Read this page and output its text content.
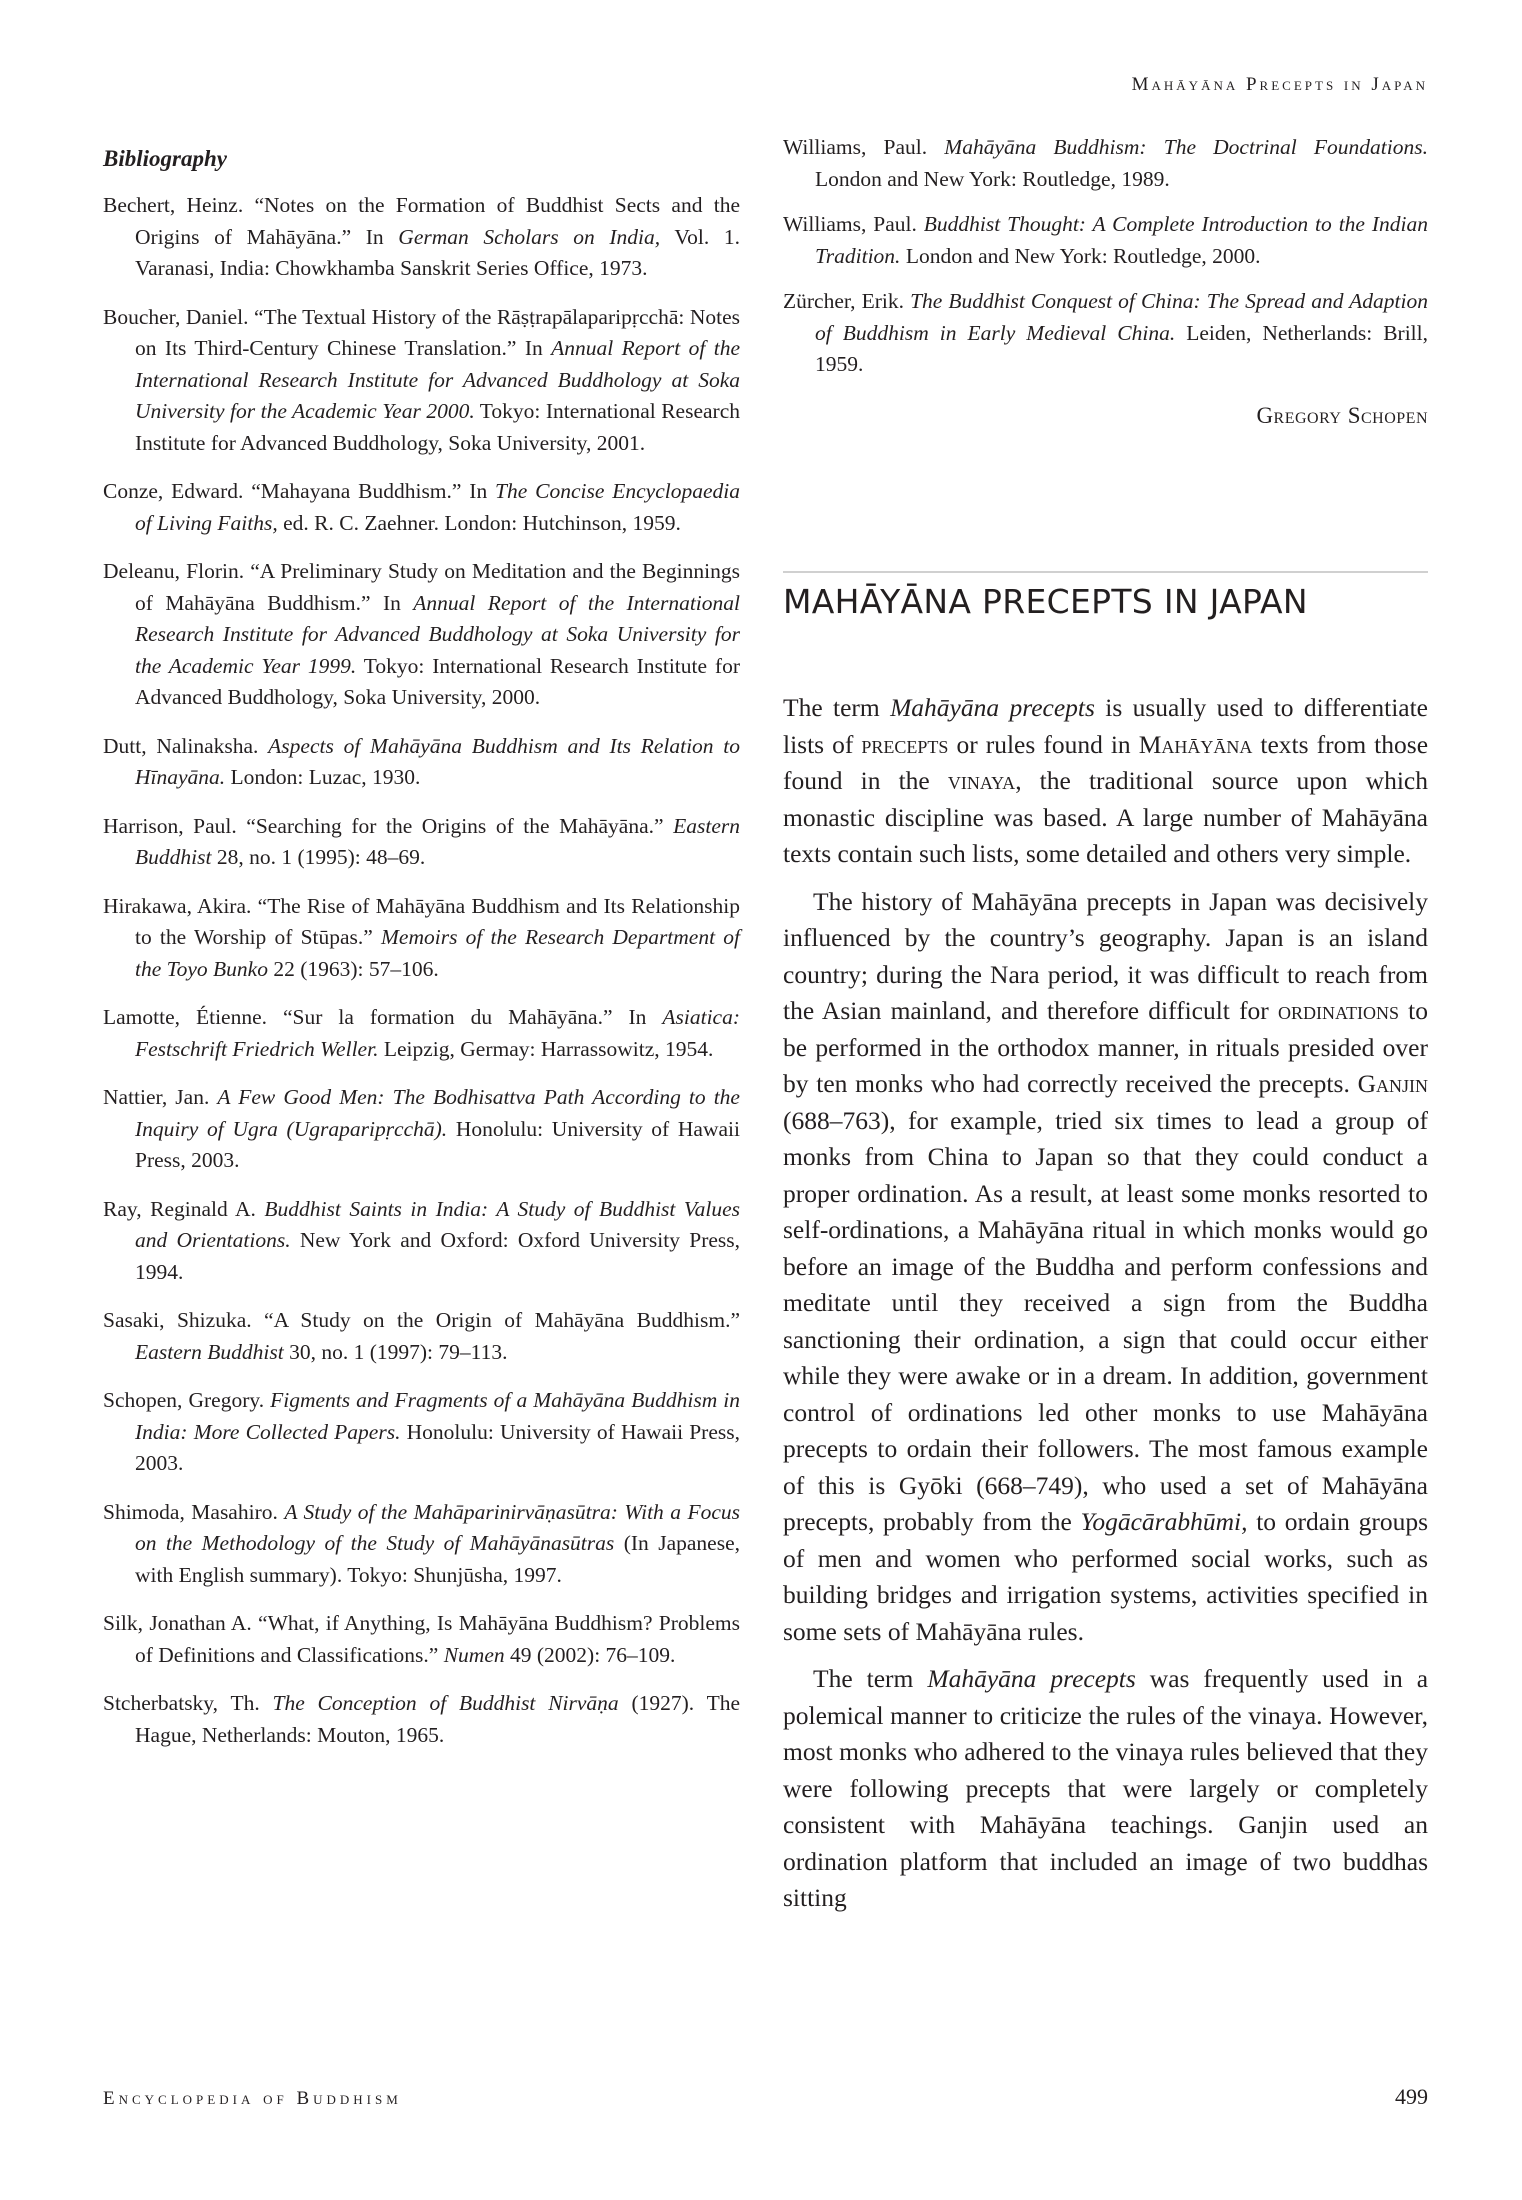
Mahāyāna Precepts in Japan
Bibliography

Bechert, Heinz. “Notes on the Formation of Buddhist Sects and the Origins of Mahāyāna.” In German Scholars on India, Vol. 1. Varanasi, India: Chowkhamba Sanskrit Series Office, 1973.

Boucher, Daniel. “The Textual History of the Rāṣṭrapālaparipṛcchā: Notes on Its Third-Century Chinese Translation.” In Annual Report of the International Research Institute for Advanced Buddhology at Soka University for the Academic Year 2000. Tokyo: International Research Institute for Advanced Buddhology, Soka University, 2001.

Conze, Edward. “Mahayana Buddhism.” In The Concise Encyclopaedia of Living Faiths, ed. R. C. Zaehner. London: Hutchinson, 1959.

Deleanu, Florin. “A Preliminary Study on Meditation and the Beginnings of Mahāyāna Buddhism.” In Annual Report of the International Research Institute for Advanced Buddhology at Soka University for the Academic Year 1999. Tokyo: International Research Institute for Advanced Buddhology, Soka University, 2000.

Dutt, Nalinaksha. Aspects of Mahāyāna Buddhism and Its Relation to Hīnayāna. London: Luzac, 1930.

Harrison, Paul. “Searching for the Origins of the Mahāyāna.” Eastern Buddhist 28, no. 1 (1995): 48–69.

Hirakawa, Akira. “The Rise of Mahāyāna Buddhism and Its Relationship to the Worship of Stūpas.” Memoirs of the Research Department of the Toyo Bunko 22 (1963): 57–106.

Lamotte, Étienne. “Sur la formation du Mahāyāna.” In Asiatica: Festschrift Friedrich Weller. Leipzig, Germay: Harrassowitz, 1954.

Nattier, Jan. A Few Good Men: The Bodhisattva Path According to the Inquiry of Ugra (Ugraparipṛcchā). Honolulu: University of Hawaii Press, 2003.

Ray, Reginald A. Buddhist Saints in India: A Study of Buddhist Values and Orientations. New York and Oxford: Oxford University Press, 1994.

Sasaki, Shizuka. “A Study on the Origin of Mahāyāna Buddhism.” Eastern Buddhist 30, no. 1 (1997): 79–113.

Schopen, Gregory. Figments and Fragments of a Mahāyāna Buddhism in India: More Collected Papers. Honolulu: University of Hawaii Press, 2003.

Shimoda, Masahiro. A Study of the Mahāparinirvāṇasūtra: With a Focus on the Methodology of the Study of Mahāyānasūtras (In Japanese, with English summary). Tokyo: Shunjūsha, 1997.

Silk, Jonathan A. “What, if Anything, Is Mahāyāna Buddhism? Problems of Definitions and Classifications.” Numen 49 (2002): 76–109.

Stcherbatsky, Th. The Conception of Buddhist Nirvāṇa (1927). The Hague, Netherlands: Mouton, 1965.

Williams, Paul. Mahāyāna Buddhism: The Doctrinal Foundations. London and New York: Routledge, 1989.

Williams, Paul. Buddhist Thought: A Complete Introduction to the Indian Tradition. London and New York: Routledge, 2000.

Zürcher, Erik. The Buddhist Conquest of China: The Spread and Adaption of Buddhism in Early Medieval China. Leiden, Netherlands: Brill, 1959.

Gregory Schopen
MAHĀYĀNA PRECEPTS IN JAPAN

The term Mahāyāna precepts is usually used to differentiate lists of precepts or rules found in Mahāyāna texts from those found in the vinaya, the traditional source upon which monastic discipline was based. A large number of Mahāyāna texts contain such lists, some detailed and others very simple.

The history of Mahāyāna precepts in Japan was decisively influenced by the country’s geography. Japan is an island country; during the Nara period, it was difficult to reach from the Asian mainland, and therefore difficult for ordinations to be performed in the orthodox manner, in rituals presided over by ten monks who had correctly received the precepts. Ganjin (688–763), for example, tried six times to lead a group of monks from China to Japan so that they could conduct a proper ordination. As a result, at least some monks resorted to self-ordinations, a Mahāyāna ritual in which monks would go before an image of the Buddha and perform confessions and meditate until they received a sign from the Buddha sanctioning their ordination, a sign that could occur either while they were awake or in a dream. In addition, government control of ordinations led other monks to use Mahāyāna precepts to ordain their followers. The most famous example of this is Gyōki (668–749), who used a set of Mahāyāna precepts, probably from the Yogācārabhūmi, to ordain groups of men and women who performed social works, such as building bridges and irrigation systems, activities specified in some sets of Mahāyāna rules.

The term Mahāyāna precepts was frequently used in a polemical manner to criticize the rules of the vinaya. However, most monks who adhered to the vinaya rules believed that they were following precepts that were largely or completely consistent with Mahāyāna teachings. Ganjin used an ordination platform that included an image of two buddhas sitting

Encyclopedia of Buddhism	499
